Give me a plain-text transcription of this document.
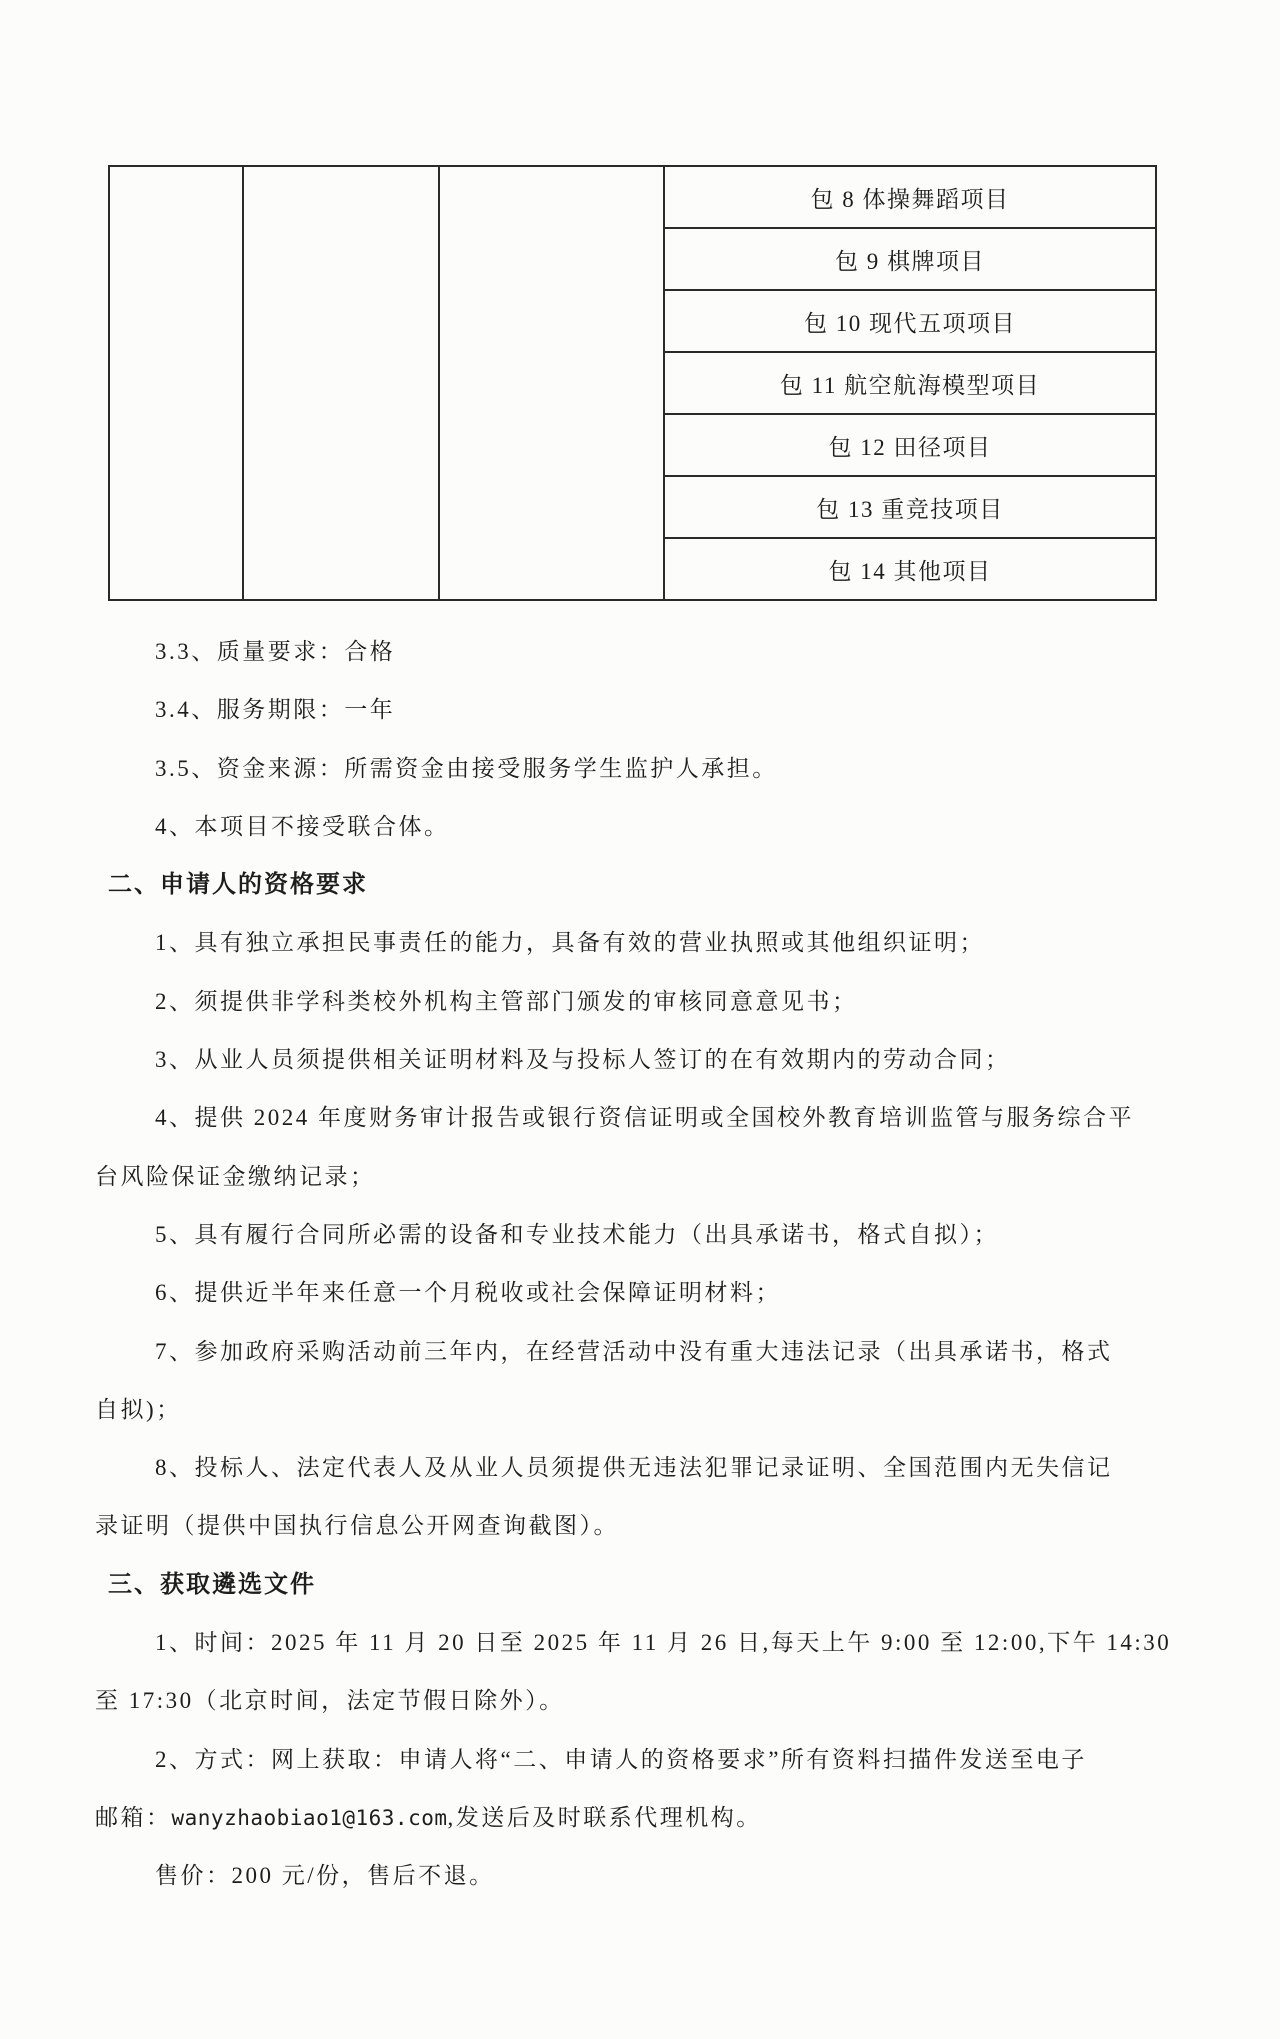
			包 8 体操舞蹈项目
包 9 棋牌项目
包 10 现代五项项目
包 11 航空航海模型项目
包 12 田径项目
包 13 重竞技项目
包 14 其他项目
3.3、质量要求：合格
3.4、服务期限：一年
3.5、资金来源：所需资金由接受服务学生监护人承担。
4、本项目不接受联合体。
二、申请人的资格要求
1、具有独立承担民事责任的能力，具备有效的营业执照或其他组织证明；
2、须提供非学科类校外机构主管部门颁发的审核同意意见书；
3、从业人员须提供相关证明材料及与投标人签订的在有效期内的劳动合同；
4、提供 2024 年度财务审计报告或银行资信证明或全国校外教育培训监管与服务综合平
台风险保证金缴纳记录；
5、具有履行合同所必需的设备和专业技术能力（出具承诺书，格式自拟）；
6、提供近半年来任意一个月税收或社会保障证明材料；
7、参加政府采购活动前三年内，在经营活动中没有重大违法记录（出具承诺书，格式
自拟)；
8、投标人、法定代表人及从业人员须提供无违法犯罪记录证明、全国范围内无失信记
录证明（提供中国执行信息公开网查询截图）。
三、获取遴选文件
1、时间：2025 年 11 月 20 日至 2025 年 11 月 26 日,每天上午 9:00 至 12:00,下午 14:30
至 17:30（北京时间，法定节假日除外）。
2、方式：网上获取：申请人将“二、申请人的资格要求”所有资料扫描件发送至电子
邮箱：wanyzhaobiao1@163.com,发送后及时联系代理机构。
售价：200 元/份，售后不退。
